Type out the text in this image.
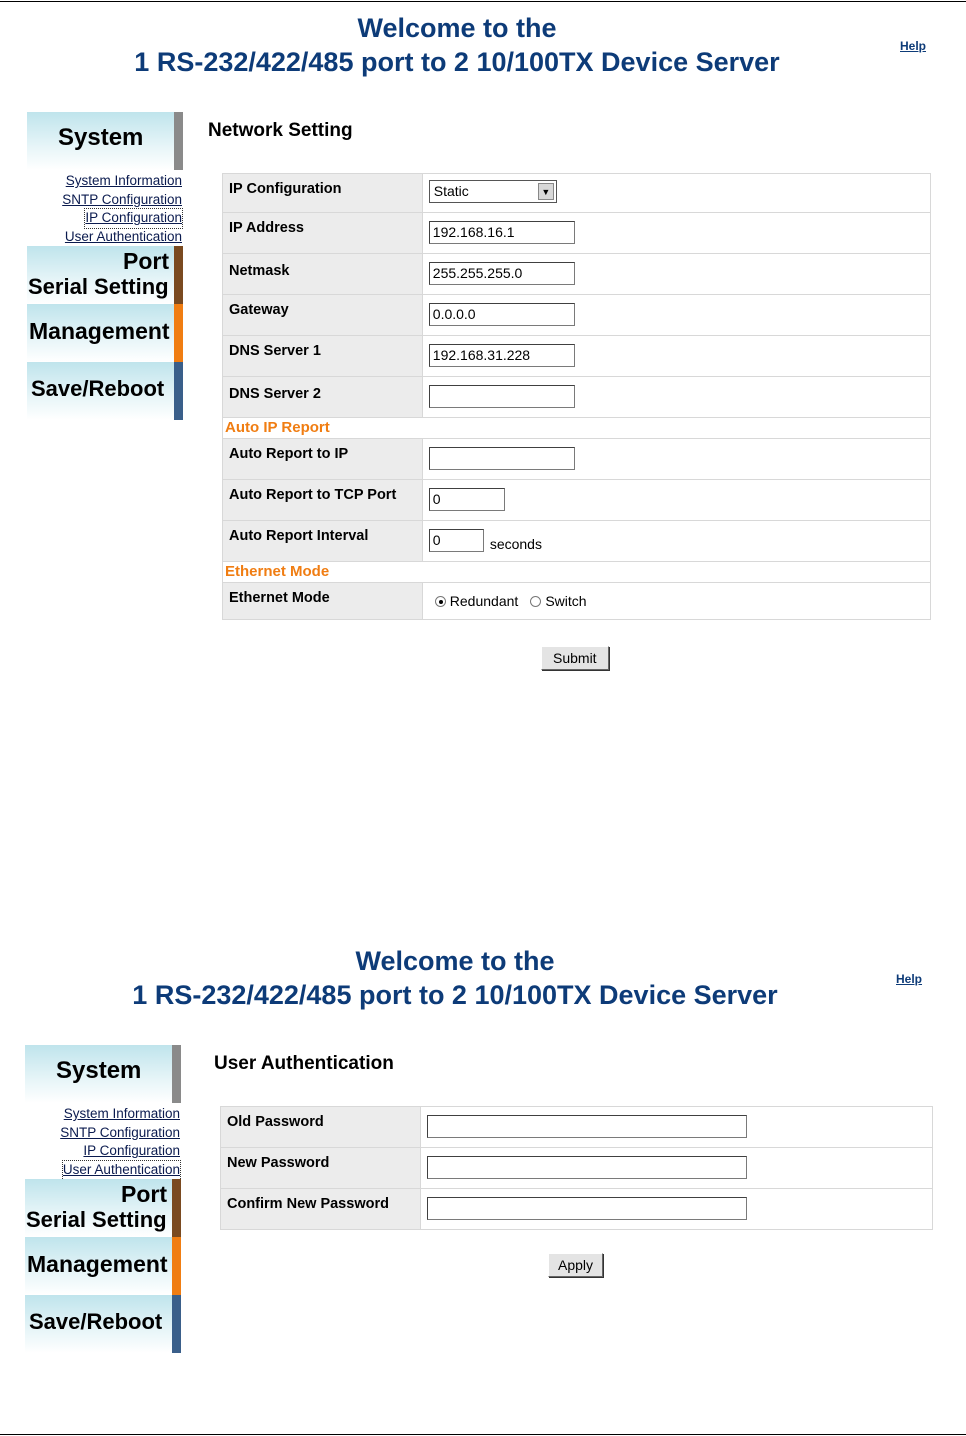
Welcome to the
1 RS-232/422/485 port to 2 10/100TX Device Server
Help
System
System Information
SNTP Configuration
IP Configuration
User Authentication
Port
Serial Setting
Management
Save/Reboot
Network Setting
IP Configuration	Static ▼

IP Address	192.168.16.1
Netmask	255.255.255.0
Gateway	0.0.0.0
DNS Server 1	192.168.31.228
DNS Server 2	
Auto IP Report	
Auto Report to IP	
Auto Report to TCP Port	0
Auto Report Interval	0 seconds
Ethernet Mode	
Ethernet Mode	Redundant Switch
Submit
Welcome to the
1 RS-232/422/485 port to 2 10/100TX Device Server
Help
System
System Information
SNTP Configuration
IP Configuration
User Authentication
Port
Serial Setting
Management
Save/Reboot
User Authentication
Old Password	
New Password	
Confirm New Password	
Apply
